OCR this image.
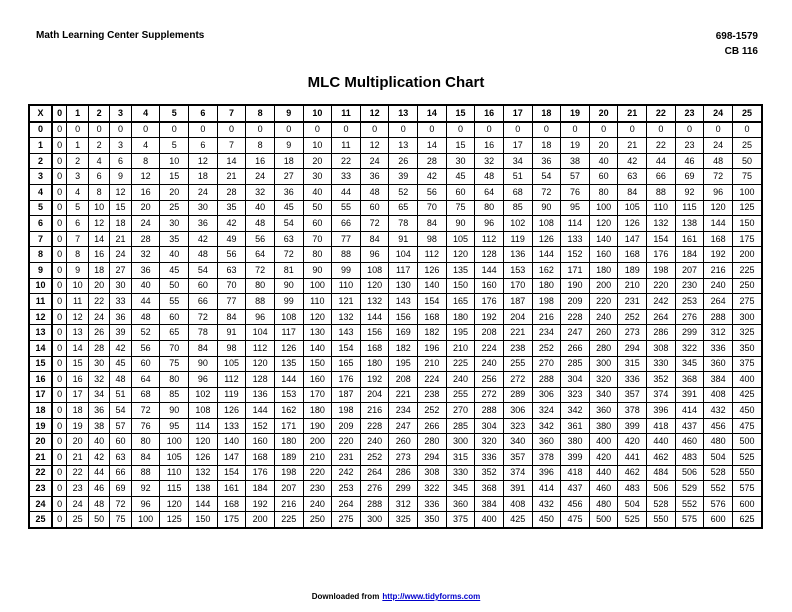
Math Learning Center Supplements	698-1579
CB 116
MLC Multiplication Chart
X	0	1	2	3	4	5	6	7	8	9	10	11	12	13	14	15	16	17	18	19	20	21	22	23	24	25
0	0	0	0	0	0	0	0	0	0	0	0	0	0	0	0	0	0	0	0	0	0	0	0	0	0	0
1	0	1	2	3	4	5	6	7	8	9	10	11	12	13	14	15	16	17	18	19	20	21	22	23	24	25
2	0	2	4	6	8	10	12	14	16	18	20	22	24	26	28	30	32	34	36	38	40	42	44	46	48	50
3	0	3	6	9	12	15	18	21	24	27	30	33	36	39	42	45	48	51	54	57	60	63	66	69	72	75
4	0	4	8	12	16	20	24	28	32	36	40	44	48	52	56	60	64	68	72	76	80	84	88	92	96	100
5	0	5	10	15	20	25	30	35	40	45	50	55	60	65	70	75	80	85	90	95	100	105	110	115	120	125
6	0	6	12	18	24	30	36	42	48	54	60	66	72	78	84	90	96	102	108	114	120	126	132	138	144	150
7	0	7	14	21	28	35	42	49	56	63	70	77	84	91	98	105	112	119	126	133	140	147	154	161	168	175
8	0	8	16	24	32	40	48	56	64	72	80	88	96	104	112	120	128	136	144	152	160	168	176	184	192	200
9	0	9	18	27	36	45	54	63	72	81	90	99	108	117	126	135	144	153	162	171	180	189	198	207	216	225
10	0	10	20	30	40	50	60	70	80	90	100	110	120	130	140	150	160	170	180	190	200	210	220	230	240	250
11	0	11	22	33	44	55	66	77	88	99	110	121	132	143	154	165	176	187	198	209	220	231	242	253	264	275
12	0	12	24	36	48	60	72	84	96	108	120	132	144	156	168	180	192	204	216	228	240	252	264	276	288	300
13	0	13	26	39	52	65	78	91	104	117	130	143	156	169	182	195	208	221	234	247	260	273	286	299	312	325
14	0	14	28	42	56	70	84	98	112	126	140	154	168	182	196	210	224	238	252	266	280	294	308	322	336	350
15	0	15	30	45	60	75	90	105	120	135	150	165	180	195	210	225	240	255	270	285	300	315	330	345	360	375
16	0	16	32	48	64	80	96	112	128	144	160	176	192	208	224	240	256	272	288	304	320	336	352	368	384	400
17	0	17	34	51	68	85	102	119	136	153	170	187	204	221	238	255	272	289	306	323	340	357	374	391	408	425
18	0	18	36	54	72	90	108	126	144	162	180	198	216	234	252	270	288	306	324	342	360	378	396	414	432	450
19	0	19	38	57	76	95	114	133	152	171	190	209	228	247	266	285	304	323	342	361	380	399	418	437	456	475
20	0	20	40	60	80	100	120	140	160	180	200	220	240	260	280	300	320	340	360	380	400	420	440	460	480	500
21	0	21	42	63	84	105	126	147	168	189	210	231	252	273	294	315	336	357	378	399	420	441	462	483	504	525
22	0	22	44	66	88	110	132	154	176	198	220	242	264	286	308	330	352	374	396	418	440	462	484	506	528	550
23	0	23	46	69	92	115	138	161	184	207	230	253	276	299	322	345	368	391	414	437	460	483	506	529	552	575
24	0	24	48	72	96	120	144	168	192	216	240	264	288	312	336	360	384	408	432	456	480	504	528	552	576	600
25	0	25	50	75	100	125	150	175	200	225	250	275	300	325	350	375	400	425	450	475	500	525	550	575	600	625
Downloaded from http://www.tidyforms.com
